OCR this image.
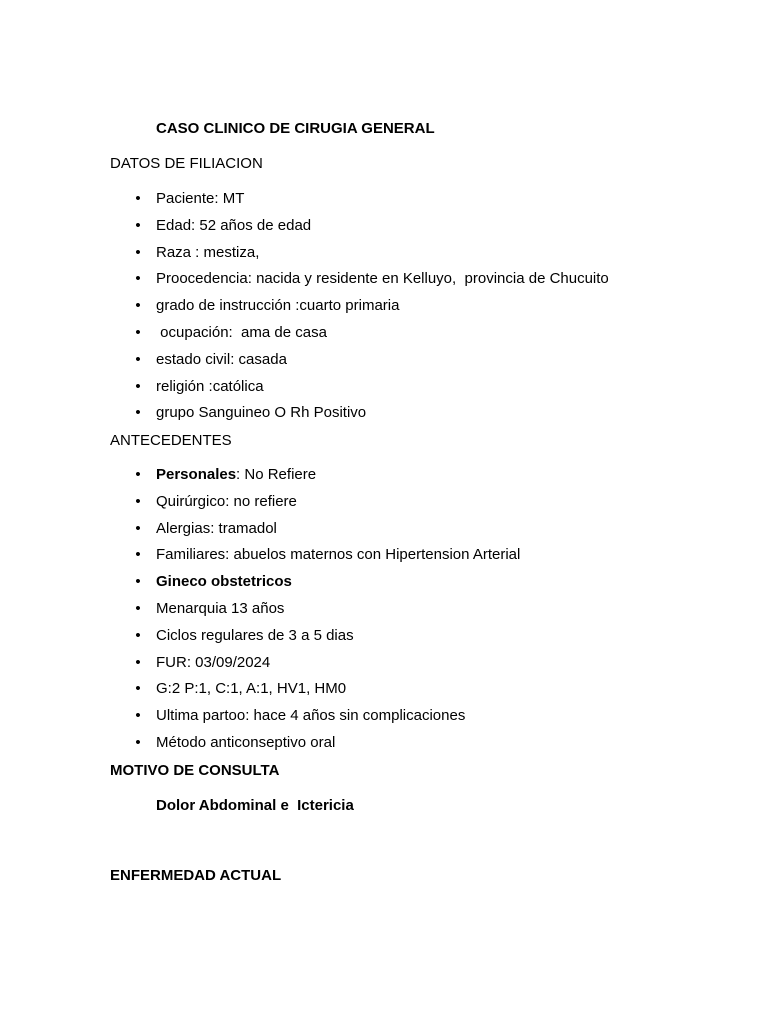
CASO CLINICO DE CIRUGIA GENERAL
DATOS DE FILIACION
• Paciente: MT
• Edad: 52 años de edad
• Raza : mestiza,
• Proocedencia: nacida y residente en Kelluyo,  provincia de Chucuito
• grado de instrucción :cuarto primaria
• ocupación:  ama de casa
• estado civil: casada
• religión :católica
• grupo Sanguineo O Rh Positivo
ANTECEDENTES
• Personales: No Refiere
• Quirúrgico: no refiere
• Alergias: tramadol
• Familiares: abuelos maternos con Hipertension Arterial
• Gineco obstetricos
• Menarquia 13 años
• Ciclos regulares de 3 a 5 dias
• FUR: 03/09/2024
• G:2 P:1, C:1, A:1, HV1, HM0
• Ultima partoo: hace 4 años sin complicaciones
• Método anticonseptivo oral
MOTIVO DE CONSULTA
Dolor Abdominal e  Ictericia
ENFERMEDAD ACTUAL
